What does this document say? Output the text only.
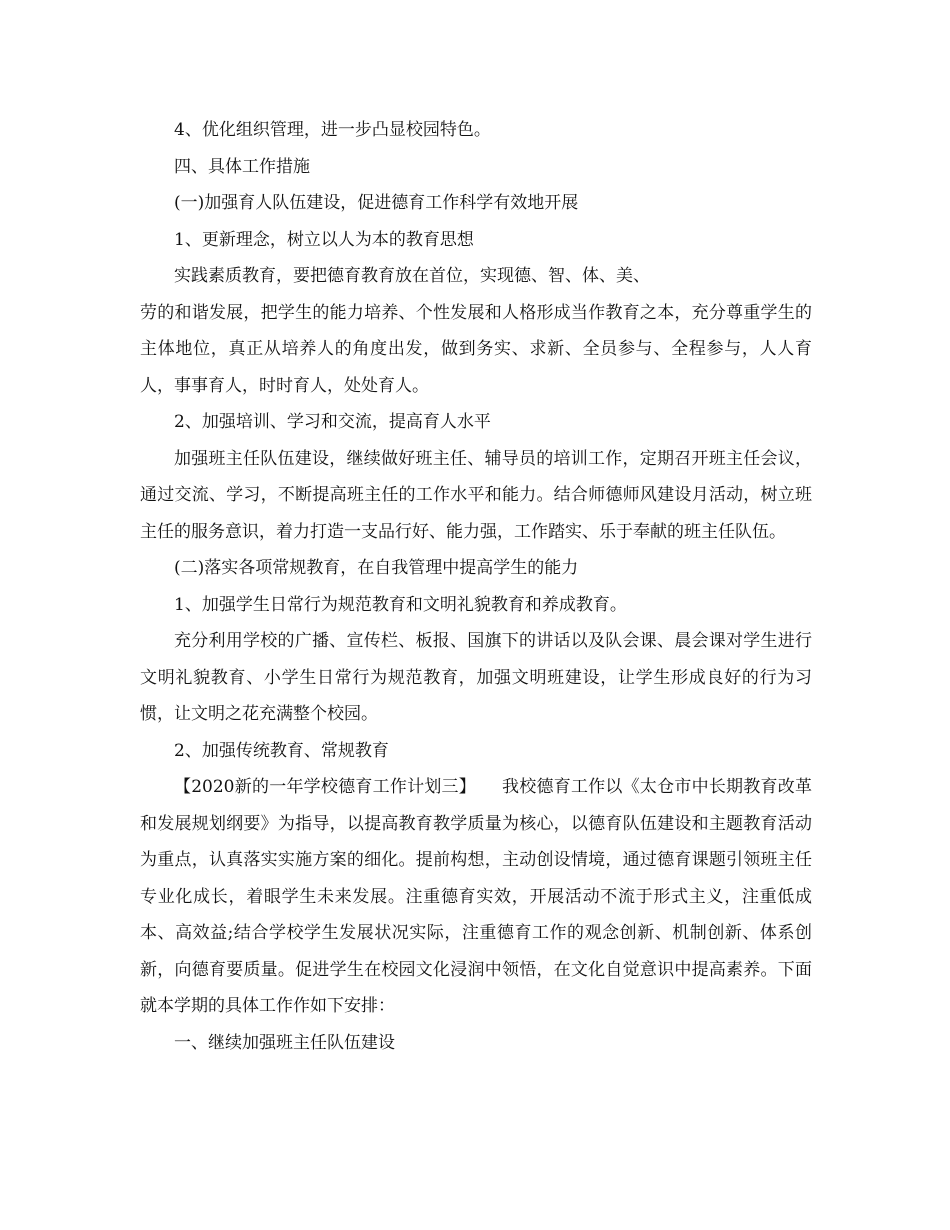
4、优化组织管理，进一步凸显校园特色。

四、具体工作措施

(一)加强育人队伍建设，促进德育工作科学有效地开展

1、更新理念，树立以人为本的教育思想

实践素质教育，要把德育教育放在首位，实现德、智、体、美、

劳的和谐发展，把学生的能力培养、个性发展和人格形成当作教育之本，充分尊重学生的主体地位，真正从培养人的角度出发，做到务实、求新、全员参与、全程参与，人人育人，事事育人，时时育人，处处育人。

2、加强培训、学习和交流，提高育人水平

加强班主任队伍建设，继续做好班主任、辅导员的培训工作，定期召开班主任会议，通过交流、学习，不断提高班主任的工作水平和能力。结合师德师风建设月活动，树立班主任的服务意识，着力打造一支品行好、能力强，工作踏实、乐于奉献的班主任队伍。

(二)落实各项常规教育，在自我管理中提高学生的能力

1、加强学生日常行为规范教育和文明礼貌教育和养成教育。

充分利用学校的广播、宣传栏、板报、国旗下的讲话以及队会课、晨会课对学生进行文明礼貌教育、小学生日常行为规范教育，加强文明班建设，让学生形成良好的行为习惯，让文明之花充满整个校园。

2、加强传统教育、常规教育

【2020新的一年学校德育工作计划三】　　我校德育工作以《太仓市中长期教育改革和发展规划纲要》为指导，以提高教育教学质量为核心，以德育队伍建设和主题教育活动为重点，认真落实实施方案的细化。提前构想，主动创设情境，通过德育课题引领班主任专业化成长，着眼学生未来发展。注重德育实效，开展活动不流于形式主义，注重低成本、高效益;结合学校学生发展状况实际，注重德育工作的观念创新、机制创新、体系创新，向德育要质量。促进学生在校园文化浸润中领悟，在文化自觉意识中提高素养。下面就本学期的具体工作作如下安排：

一、继续加强班主任队伍建设
